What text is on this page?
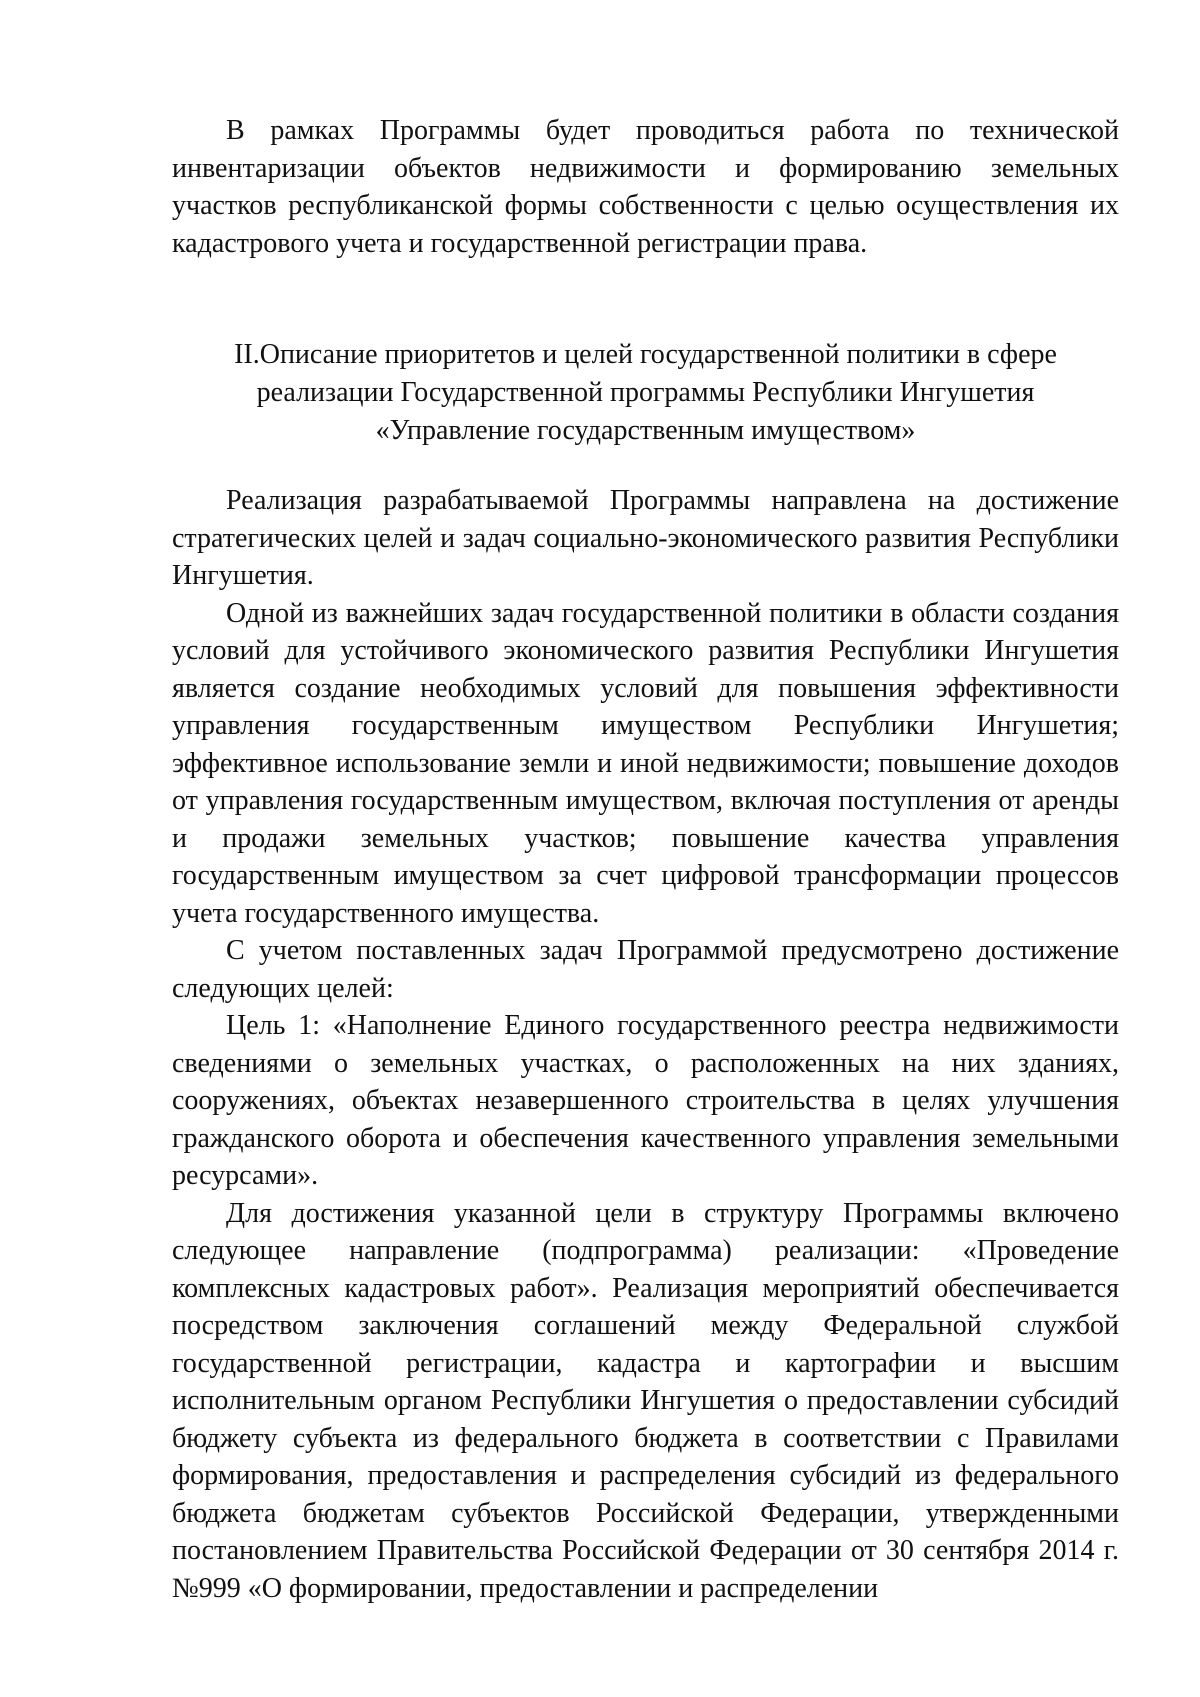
В рамках Программы будет проводиться работа по технической инвентаризации объектов недвижимости и формированию земельных участков республиканской формы собственности с целью осуществления их кадастрового учета и государственной регистрации права.

II.Описание приоритетов и целей государственной политики в сфере

реализации Государственной программы Республики Ингушетия

«Управление государственным имуществом»

Реализация разрабатываемой Программы направлена на достижение стратегических целей и задач социально-экономического развития Республики Ингушетия.

Одной из важнейших задач государственной политики в области создания условий для устойчивого экономического развития Республики Ингушетия является создание необходимых условий для повышения эффективности управления государственным имуществом Республики Ингушетия; эффективное использование земли и иной недвижимости; повышение доходов от управления государственным имуществом, включая поступления от аренды и продажи земельных участков; повышение качества управления государственным имуществом за счет цифровой трансформации процессов учета государственного имущества.

С учетом поставленных задач Программой предусмотрено достижение следующих целей:

Цель 1: «Наполнение Единого государственного реестра недвижимости сведениями о земельных участках, о расположенных на них зданиях, сооружениях, объектах незавершенного строительства в целях улучшения гражданского оборота и обеспечения качественного управления земельными ресурсами».

Для достижения указанной цели в структуру Программы включено следующее направление (подпрограмма) реализации: «Проведение комплексных кадастровых работ». Реализация мероприятий обеспечивается посредством заключения соглашений между Федеральной службой государственной регистрации, кадастра и картографии и высшим исполнительным органом Республики Ингушетия о предоставлении субсидий бюджету субъекта из федерального бюджета в соответствии с Правилами формирования, предоставления и распределения субсидий из федерального бюджета бюджетам субъектов Российской Федерации, утвержденными постановлением Правительства Российской Федерации от 30 сентября 2014 г. №999 «О формировании, предоставлении и распределении
